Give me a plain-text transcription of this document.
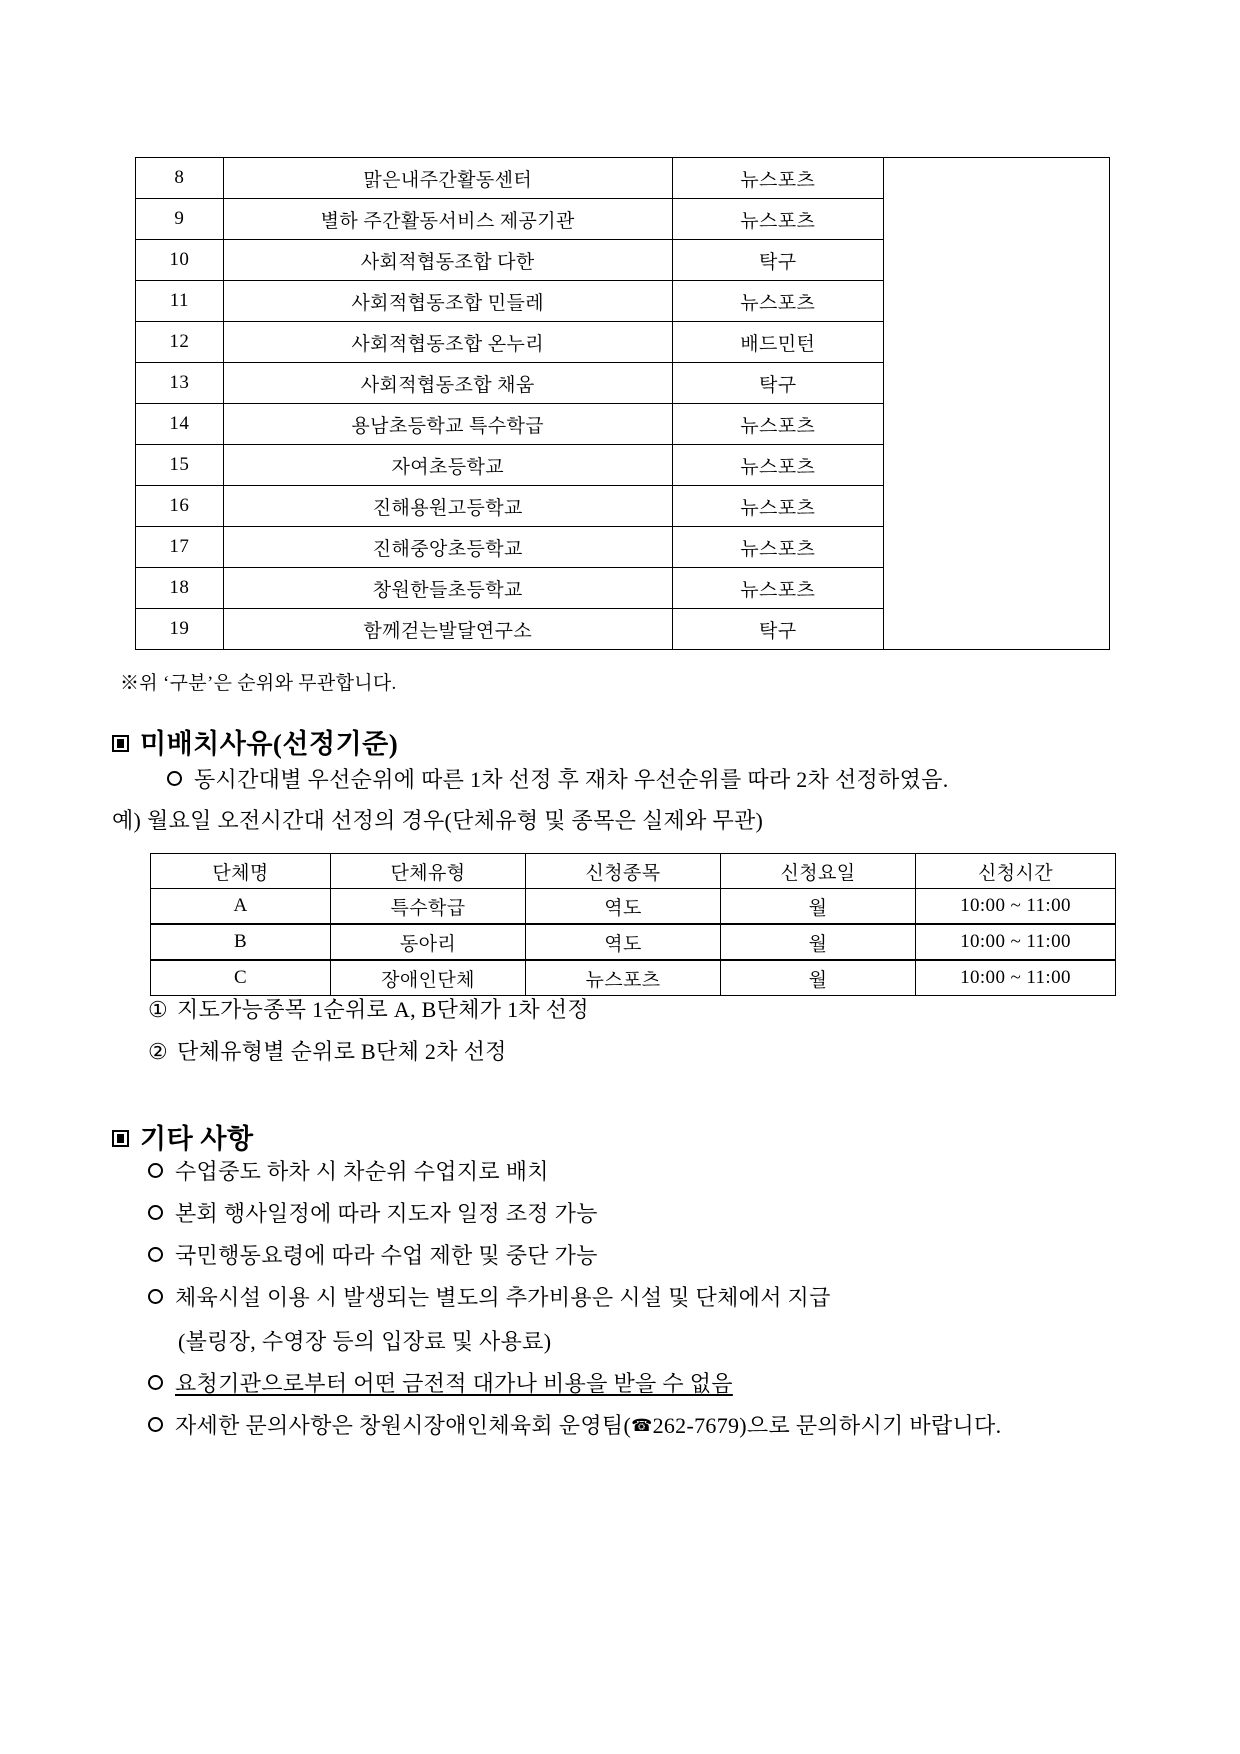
8	맑은내주간활동센터	뉴스포츠	
9	별하 주간활동서비스 제공기관	뉴스포츠	
10	사회적협동조합 다한	탁구	
11	사회적협동조합 민들레	뉴스포츠	
12	사회적협동조합 온누리	배드민턴	
13	사회적협동조합 채움	탁구	
14	용남초등학교 특수학급	뉴스포츠	
15	자여초등학교	뉴스포츠	
16	진해용원고등학교	뉴스포츠	
17	진해중앙초등학교	뉴스포츠	
18	창원한들초등학교	뉴스포츠	
19	함께걷는발달연구소	탁구	
※위 ‘구분’은 순위와 무관합니다.
미배치사유(선정기준)
동시간대별 우선순위에 따른 1차 선정 후 재차 우선순위를 따라 2차 선정하였음.
예) 월요일 오전시간대 선정의 경우(단체유형 및 종목은 실제와 무관)
단체명	단체유형	신청종목	신청요일	신청시간
A	특수학급	역도	월	10:00 ~ 11:00
B	동아리	역도	월	10:00 ~ 11:00
C	장애인단체	뉴스포츠	월	10:00 ~ 11:00
① 지도가능종목 1순위로 A, B단체가 1차 선정
② 단체유형별 순위로 B단체 2차 선정
기타 사항
수업중도 하차 시 차순위 수업지로 배치
본회 행사일정에 따라 지도자 일정 조정 가능
국민행동요령에 따라 수업 제한 및 중단 가능
체육시설 이용 시 발생되는 별도의 추가비용은 시설 및 단체에서 지급
(볼링장, 수영장 등의 입장료 및 사용료)
요청기관으로부터 어떤 금전적 대가나 비용을 받을 수 없음
자세한 문의사항은 창원시장애인체육회 운영팀(☎262-7679)으로 문의하시기 바랍니다.
